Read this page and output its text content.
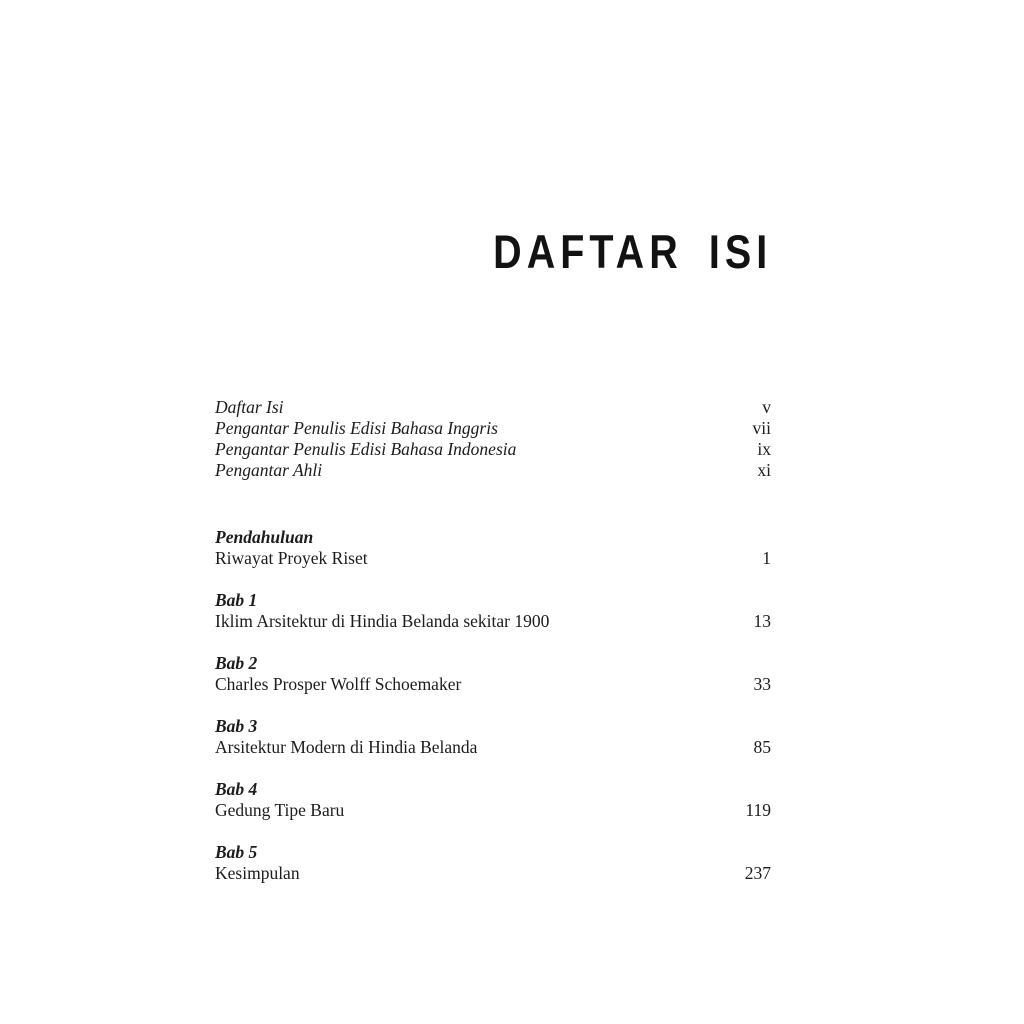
DAFTAR ISI
Daftar Isi	v
Pengantar Penulis Edisi Bahasa Inggris	vii
Pengantar Penulis Edisi Bahasa Indonesia	ix
Pengantar Ahli	xi
Pendahuluan
Riwayat Proyek Riset	1
Bab 1
Iklim Arsitektur di Hindia Belanda sekitar 1900	13
Bab 2
Charles Prosper Wolff Schoemaker	33
Bab 3
Arsitektur Modern di Hindia Belanda	85
Bab 4
Gedung Tipe Baru	119
Bab 5
Kesimpulan	237
